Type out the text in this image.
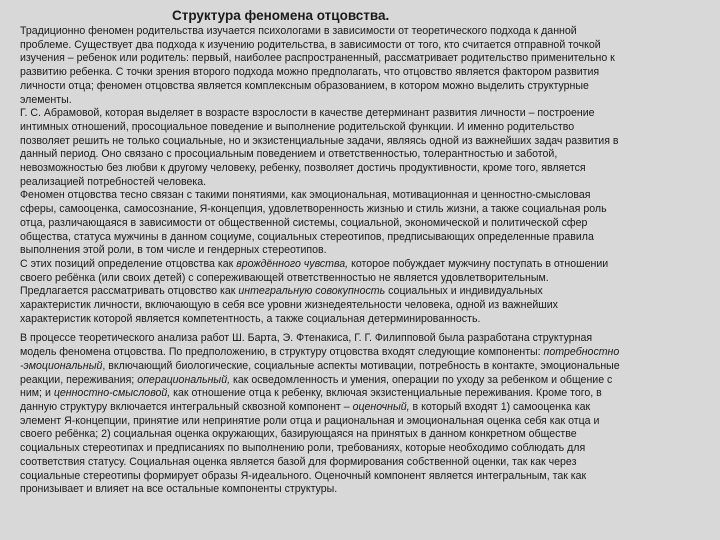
Структура феномена отцовства.
Традиционно феномен родительства изучается психологами в зависимости от теоретического подхода к данной
проблеме. Существует два подхода к изучению родительства, в зависимости от того, кто считается отправной точкой
изучения – ребенок или родитель: первый, наиболее распространенный, рассматривает родительство применительно к
развитию ребенка. С точки зрения второго подхода можно предполагать, что отцовство является фактором развития
личности отца; феномен отцовства является комплексным образованием, в котором можно выделить структурные
элементы.
Г. С. Абрамовой, которая выделяет в возрасте взрослости в качестве детерминант развития личности – построение
интимных отношений, просоциальное поведение и выполнение родительской функции. И именно родительство
позволяет решить не только социальные, но и экзистенциальные задачи, являясь одной из важнейших задач развития в
данный период. Оно связано с просоциальным поведением и ответственностью, толерантностью и заботой,
невозможностью без любви к другому человеку, ребенку, позволяет достичь продуктивности, кроме того, является
реализацией потребностей человека.
Феномен отцовства тесно связан с такими понятиями, как эмоциональная, мотивационная и ценностно-смысловая
сферы, самооценка, самосознание, Я-концепция, удовлетворенность жизнью и стиль жизни, а также социальная роль
отца, различающаяся в зависимости от общественной системы, социальной, экономической и политической сфер
общества, статуса мужчины в данном социуме, социальных стереотипов, предписывающих определенные правила
выполнения этой роли, в том числе и гендерных стереотипов.
С этих позиций определение отцовства как врождённого чувства, которое побуждает мужчину поступать в отношении
своего ребёнка (или своих детей) с сопереживающей ответственностью не является удовлетворительным.
Предлагается рассматривать отцовство как интегральную совокупность социальных и индивидуальных
характеристик личности, включающую в себя все уровни жизнедеятельности человека, одной из важнейших
характеристик которой является компетентность, а также социальная детерминированность.
В процессе теоретического анализа работ Ш. Барта, Э. Фтенакиса, Г. Г. Филипповой была разработана структурная
модель феномена отцовства. По предположению, в структуру отцовства входят следующие компоненты: потребностно
-эмоциональный, включающий биологические, социальные аспекты мотивации, потребность в контакте, эмоциональные
реакции, переживания; операциональный, как осведомленность и умения, операции по уходу за ребенком и общение с
ним; и ценностно-смысловой, как отношение отца к ребенку, включая экзистенциальные переживания. Кроме того, в
данную структуру включается интегральный сквозной компонент – оценочный, в который входят 1) самооценка как
элемент Я-концепции, принятие или непринятие роли отца и рациональная и эмоциональная оценка себя как отца и
своего ребёнка; 2) социальная оценка окружающих, базирующаяся на принятых в данном конкретном обществе
социальных стереотипах и предписаниях по выполнению роли, требованиях, которые необходимо соблюдать для
соответствия статусу. Социальная оценка является базой для формирования собственной оценки, так как через
социальные стереотипы формирует образы Я-идеального. Оценочный компонент является интегральным, так как
пронизывает и влияет на все остальные компоненты структуры.
